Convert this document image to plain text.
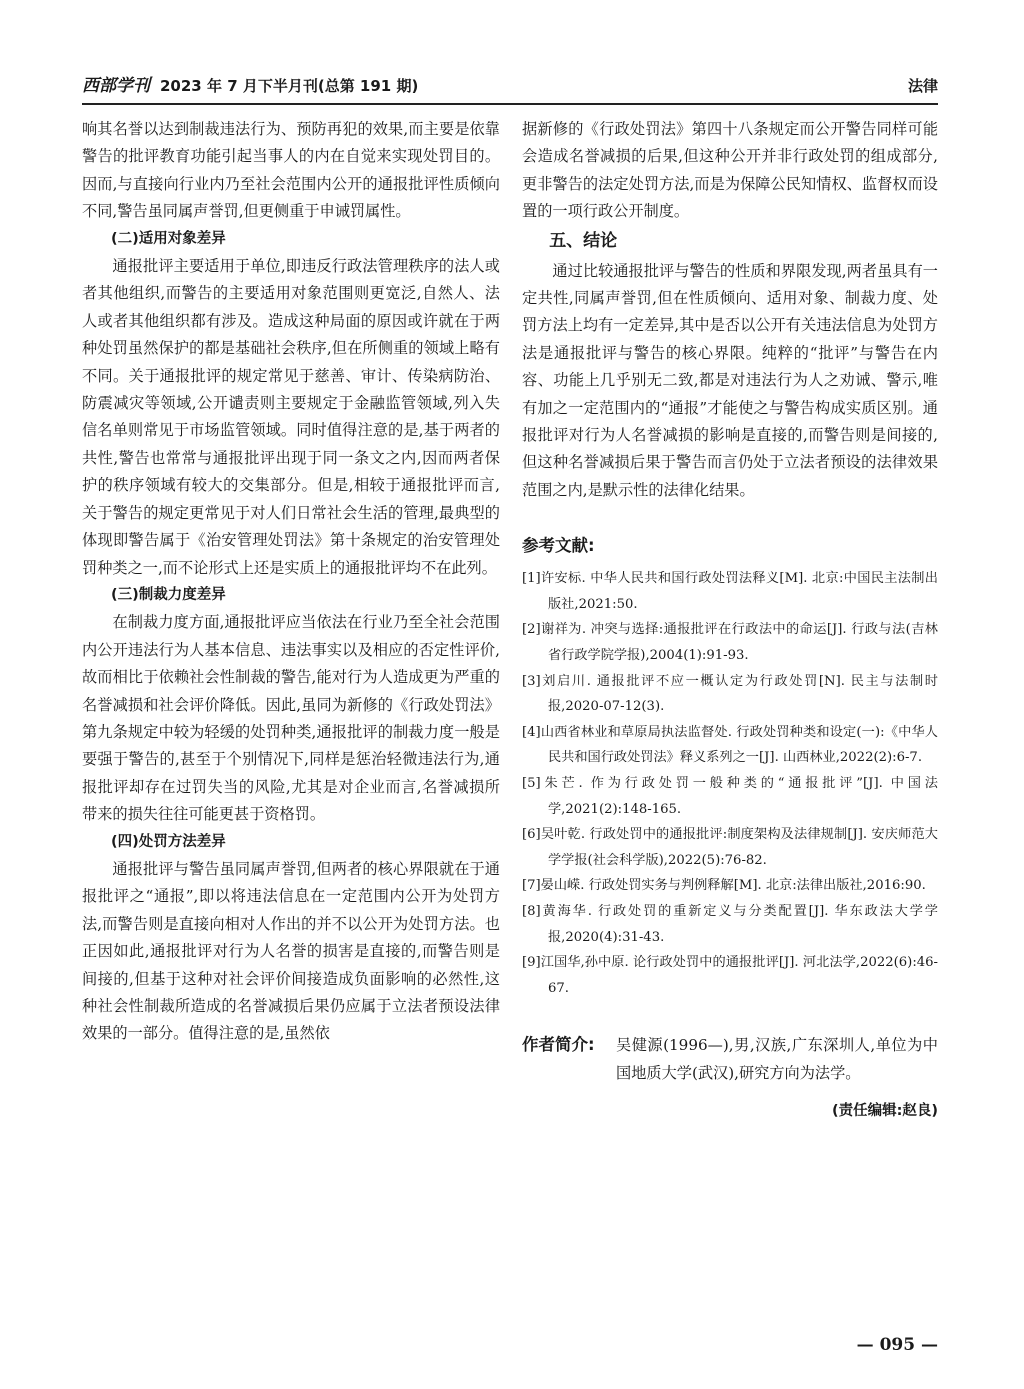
西部学刊 2023 年 7 月下半月刊(总第 191 期)	法律

响其名誉以达到制裁违法行为、预防再犯的效果,而主要是依靠警告的批评教育功能引起当事人的内在自觉来实现处罚目的。因而,与直接向行业内乃至社会范围内公开的通报批评性质倾向不同,警告虽同属声誉罚,但更侧重于申诫罚属性。

(二)适用对象差异

通报批评主要适用于单位,即违反行政法管理秩序的法人或者其他组织,而警告的主要适用对象范围则更宽泛,自然人、法人或者其他组织都有涉及。造成这种局面的原因或许就在于两种处罚虽然保护的都是基础社会秩序,但在所侧重的领域上略有不同。关于通报批评的规定常见于慈善、审计、传染病防治、防震减灾等领域,公开谴责则主要规定于金融监管领域,列入失信名单则常见于市场监管领域。同时值得注意的是,基于两者的共性,警告也常常与通报批评出现于同一条文之内,因而两者保护的秩序领域有较大的交集部分。但是,相较于通报批评而言,关于警告的规定更常见于对人们日常社会生活的管理,最典型的体现即警告属于《治安管理处罚法》第十条规定的治安管理处罚种类之一,而不论形式上还是实质上的通报批评均不在此列。

(三)制裁力度差异

在制裁力度方面,通报批评应当依法在行业乃至全社会范围内公开违法行为人基本信息、违法事实以及相应的否定性评价,故而相比于依赖社会性制裁的警告,能对行为人造成更为严重的名誉减损和社会评价降低。因此,虽同为新修的《行政处罚法》第九条规定中较为轻缓的处罚种类,通报批评的制裁力度一般是要强于警告的,甚至于个别情况下,同样是惩治轻微违法行为,通报批评却存在过罚失当的风险,尤其是对企业而言,名誉减损所带来的损失往往可能更甚于资格罚。

(四)处罚方法差异

通报批评与警告虽同属声誉罚,但两者的核心界限就在于通报批评之“通报”,即以将违法信息在一定范围内公开为处罚方法,而警告则是直接向相对人作出的并不以公开为处罚方法。也正因如此,通报批评对行为人名誉的损害是直接的,而警告则是间接的,但基于这种对社会评价间接造成负面影响的必然性,这种社会性制裁所造成的名誉减损后果仍应属于立法者预设法律效果的一部分。值得注意的是,虽然依

据新修的《行政处罚法》第四十八条规定而公开警告同样可能会造成名誉减损的后果,但这种公开并非行政处罚的组成部分,更非警告的法定处罚方法,而是为保障公民知情权、监督权而设置的一项行政公开制度。

五、结论

通过比较通报批评与警告的性质和界限发现,两者虽具有一定共性,同属声誉罚,但在性质倾向、适用对象、制裁力度、处罚方法上均有一定差异,其中是否以公开有关违法信息为处罚方法是通报批评与警告的核心界限。纯粹的“批评”与警告在内容、功能上几乎别无二致,都是对违法行为人之劝诫、警示,唯有加之一定范围内的“通报”才能使之与警告构成实质区别。通报批评对行为人名誉减损的影响是直接的,而警告则是间接的,但这种名誉减损后果于警告而言仍处于立法者预设的法律效果范围之内,是默示性的法律化结果。

参考文献:

[1]许安标. 中华人民共和国行政处罚法释义[M]. 北京:中国民主法制出版社,2021:50.

[2]谢祥为. 冲突与选择:通报批评在行政法中的命运[J]. 行政与法(吉林省行政学院学报),2004(1):91-93.

[3]刘启川. 通报批评不应一概认定为行政处罚[N]. 民主与法制时报,2020-07-12(3).

[4]山西省林业和草原局执法监督处. 行政处罚种类和设定(一):《中华人民共和国行政处罚法》释义系列之一[J]. 山西林业,2022(2):6-7.

[5]朱芒. 作为行政处罚一般种类的“通报批评”[J]. 中国法学,2021(2):148-165.

[6]吴叶乾. 行政处罚中的通报批评:制度架构及法律规制[J]. 安庆师范大学学报(社会科学版),2022(5):76-82.

[7]晏山嵘. 行政处罚实务与判例释解[M]. 北京:法律出版社,2016:90.

[8]黄海华. 行政处罚的重新定义与分类配置[J]. 华东政法大学学报,2020(4):31-43.

[9]江国华,孙中原. 论行政处罚中的通报批评[J]. 河北法学,2022(6):46-67.

作者简介: 吴健源(1996—),男,汉族,广东深圳人,单位为中国地质大学(武汉),研究方向为法学。
(责任编辑:赵良)
— 095 —
